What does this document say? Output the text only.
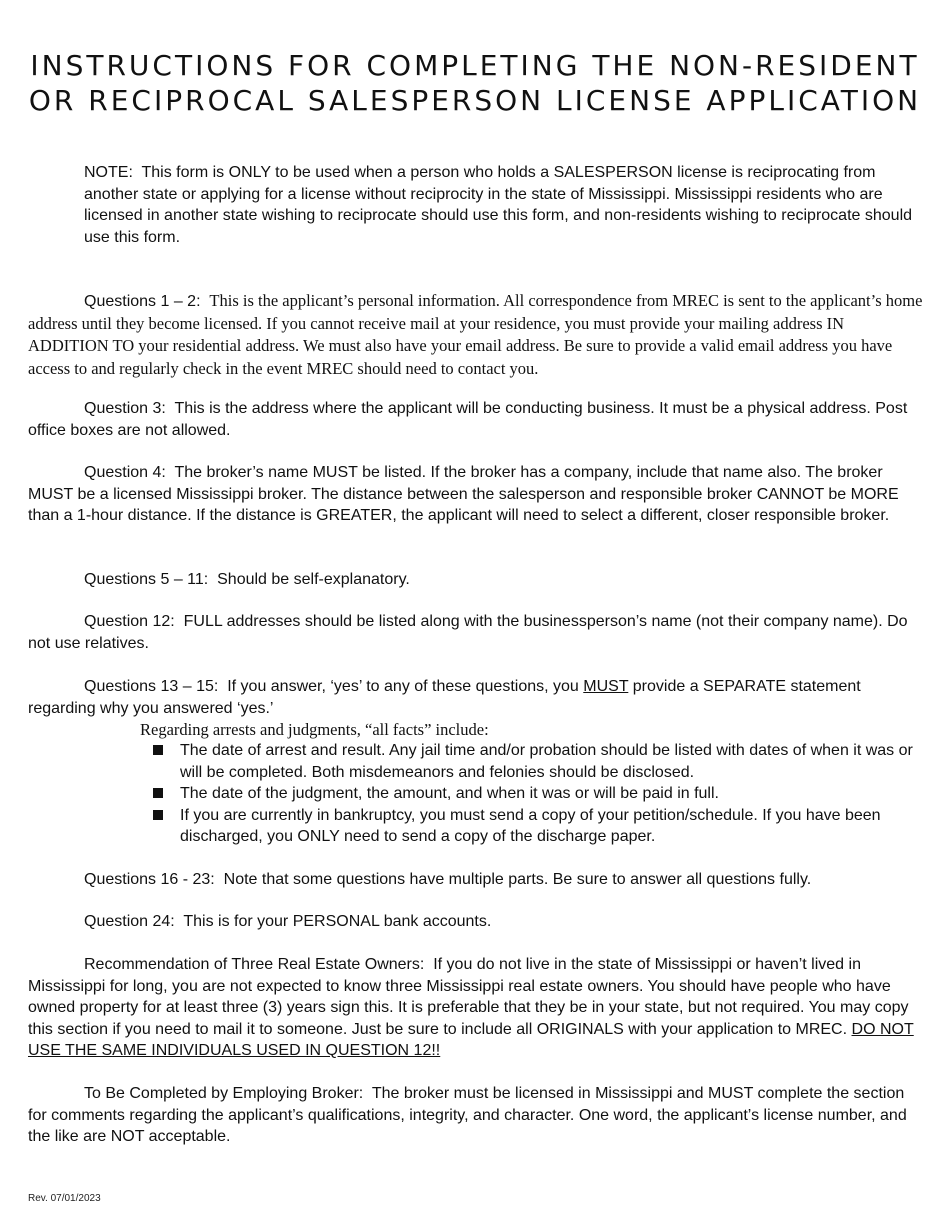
INSTRUCTIONS FOR COMPLETING THE NON-RESIDENT
OR RECIPROCAL SALESPERSON LICENSE APPLICATION
NOTE: This form is ONLY to be used when a person who holds a SALESPERSON license is reciprocating from another state or applying for a license without reciprocity in the state of Mississippi. Mississippi residents who are licensed in another state wishing to reciprocate should use this form, and non-residents wishing to reciprocate should use this form.
Questions 1 – 2: This is the applicant’s personal information. All correspondence from MREC is sent to the applicant’s home address until they become licensed. If you cannot receive mail at your residence, you must provide your mailing address IN ADDITION TO your residential address. We must also have your email address. Be sure to provide a valid email address you have access to and regularly check in the event MREC should need to contact you.
Question 3: This is the address where the applicant will be conducting business. It must be a physical address. Post office boxes are not allowed.
Question 4: The broker’s name MUST be listed. If the broker has a company, include that name also. The broker MUST be a licensed Mississippi broker. The distance between the salesperson and responsible broker CANNOT be MORE than a 1-hour distance. If the distance is GREATER, the applicant will need to select a different, closer responsible broker.
Questions 5 – 11: Should be self-explanatory.
Question 12: FULL addresses should be listed along with the businessperson’s name (not their company name). Do not use relatives.
Questions 13 – 15: If you answer, ‘yes’ to any of these questions, you MUST provide a SEPARATE statement regarding why you answered ‘yes.’
Regarding arrests and judgments, “all facts” include:
The date of arrest and result. Any jail time and/or probation should be listed with dates of when it was or will be completed. Both misdemeanors and felonies should be disclosed.
The date of the judgment, the amount, and when it was or will be paid in full.
If you are currently in bankruptcy, you must send a copy of your petition/schedule. If you have been discharged, you ONLY need to send a copy of the discharge paper.
Questions 16 - 23: Note that some questions have multiple parts. Be sure to answer all questions fully.
Question 24: This is for your PERSONAL bank accounts.
Recommendation of Three Real Estate Owners: If you do not live in the state of Mississippi or haven’t lived in Mississippi for long, you are not expected to know three Mississippi real estate owners. You should have people who have owned property for at least three (3) years sign this. It is preferable that they be in your state, but not required. You may copy this section if you need to mail it to someone. Just be sure to include all ORIGINALS with your application to MREC. DO NOT USE THE SAME INDIVIDUALS USED IN QUESTION 12!!
To Be Completed by Employing Broker: The broker must be licensed in Mississippi and MUST complete the section for comments regarding the applicant’s qualifications, integrity, and character. One word, the applicant’s license number, and the like are NOT acceptable.
Rev. 07/01/2023
